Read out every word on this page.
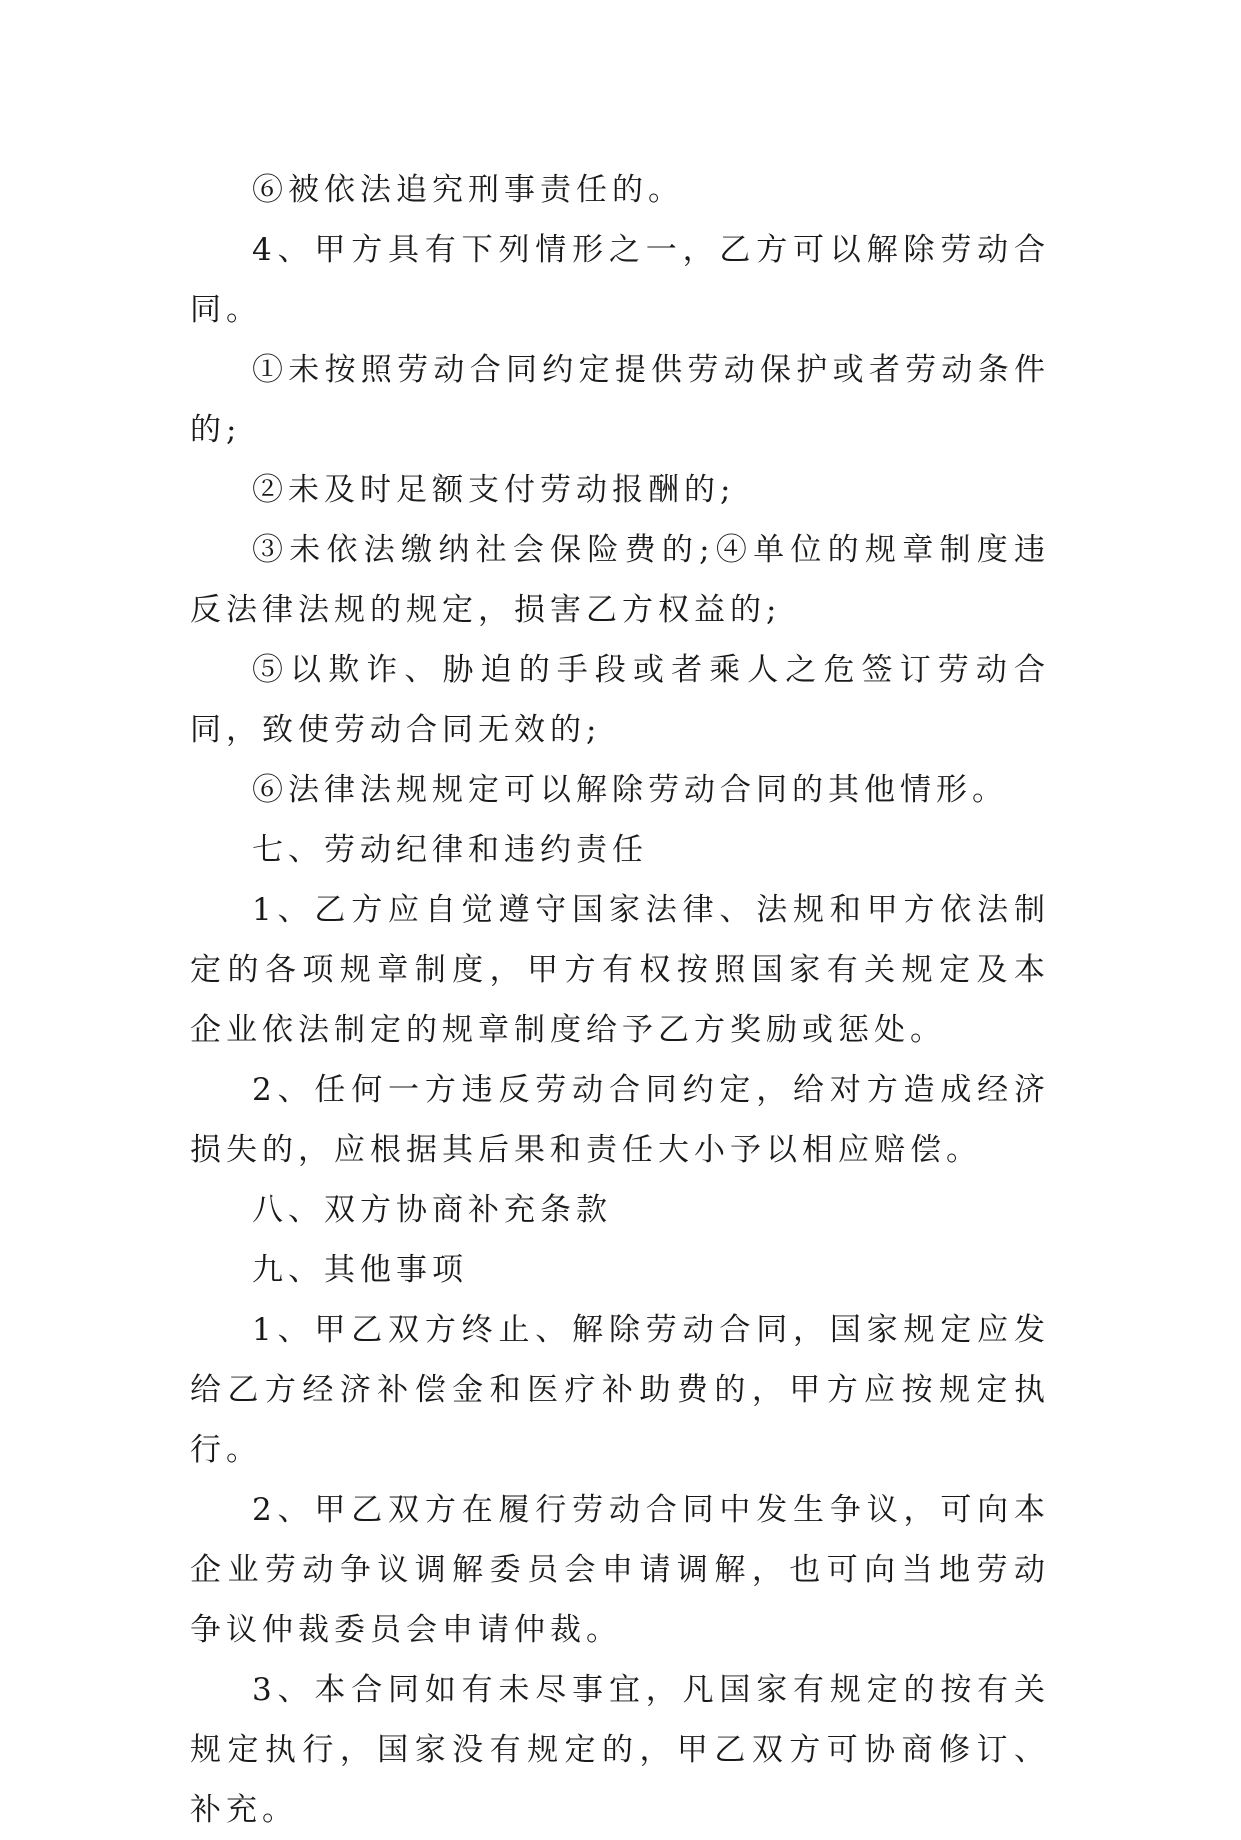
⑥被依法追究刑事责任的。

4、甲方具有下列情形之一，乙方可以解除劳动合同。

①未按照劳动合同约定提供劳动保护或者劳动条件的;

②未及时足额支付劳动报酬的;

③未依法缴纳社会保险费的;④单位的规章制度违反法律法规的规定，损害乙方权益的;

⑤以欺诈、胁迫的手段或者乘人之危签订劳动合同，致使劳动合同无效的;

⑥法律法规规定可以解除劳动合同的其他情形。

七、劳动纪律和违约责任

1、乙方应自觉遵守国家法律、法规和甲方依法制定的各项规章制度，甲方有权按照国家有关规定及本企业依法制定的规章制度给予乙方奖励或惩处。

2、任何一方违反劳动合同约定，给对方造成经济损失的，应根据其后果和责任大小予以相应赔偿。

八、双方协商补充条款

九、其他事项

1、甲乙双方终止、解除劳动合同，国家规定应发给乙方经济补偿金和医疗补助费的，甲方应按规定执行。

2、甲乙双方在履行劳动合同中发生争议，可向本企业劳动争议调解委员会申请调解，也可向当地劳动争议仲裁委员会申请仲裁。

3、本合同如有未尽事宜，凡国家有规定的按有关规定执行，国家没有规定的，甲乙双方可协商修订、补充。
